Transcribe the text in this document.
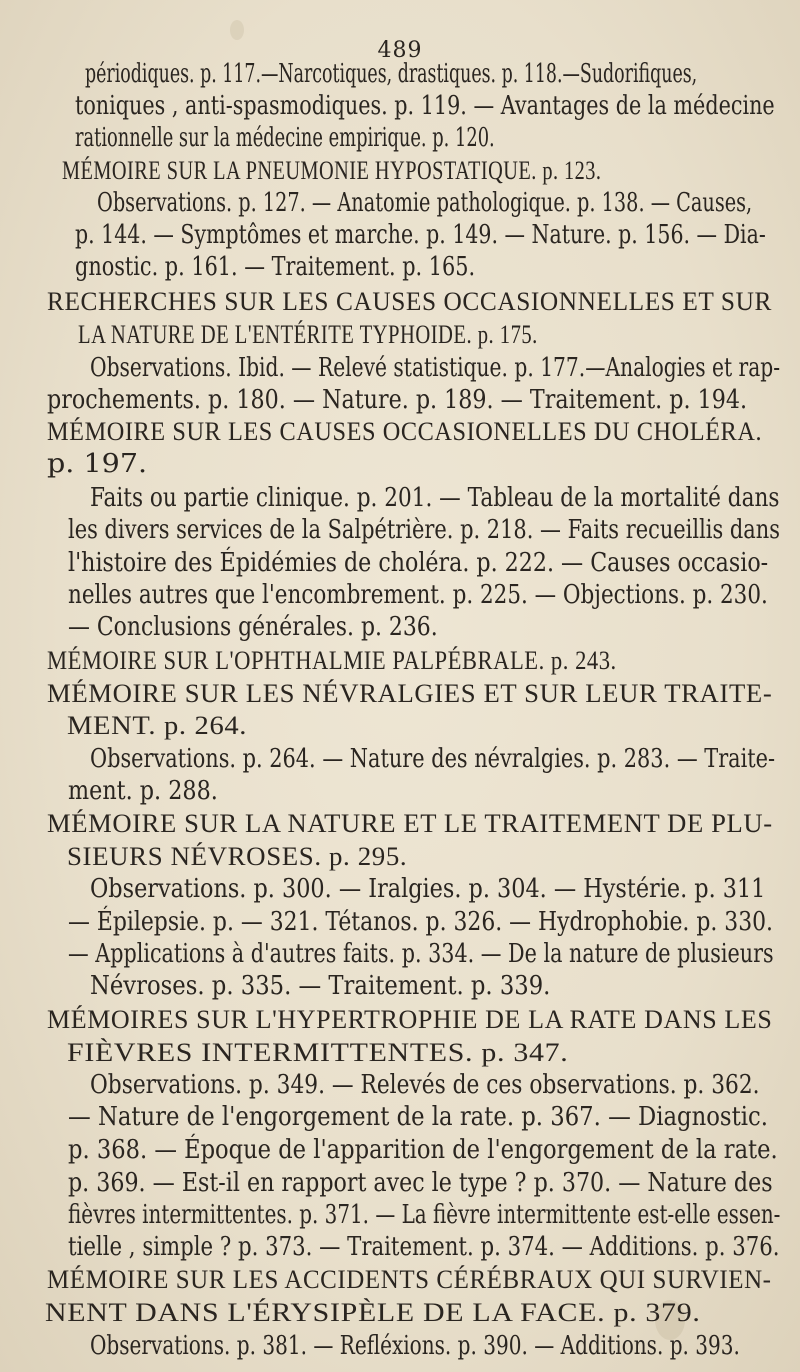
489
périodiques. p. 117.—Narcotiques, drastiques. p. 118.—Sudorifiques,
toniques , anti-spasmodiques. p. 119. — Avantages de la médecine
rationnelle sur la médecine empirique. p. 120.
MÉMOIRE SUR LA PNEUMONIE HYPOSTATIQUE. p. 123.
Observations. p. 127. — Anatomie pathologique. p. 138. — Causes,
p. 144. — Symptômes et marche. p. 149. — Nature. p. 156. — Dia-
gnostic. p. 161. — Traitement. p. 165.
RECHERCHES SUR LES CAUSES OCCASIONNELLES ET SUR
LA NATURE DE L'ENTÉRITE TYPHOIDE. p. 175.
Observations. Ibid. — Relevé statistique. p. 177.—Analogies et rap-
prochements. p. 180. — Nature. p. 189. — Traitement. p. 194.
MÉMOIRE SUR LES CAUSES OCCASIONELLES DU CHOLÉRA.
p. 197.
Faits ou partie clinique. p. 201. — Tableau de la mortalité dans
les divers services de la Salpétrière. p. 218. — Faits recueillis dans
l'histoire des Épidémies de choléra. p. 222. — Causes occasio-
nelles autres que l'encombrement. p. 225. — Objections. p. 230.
— Conclusions générales. p. 236.
MÉMOIRE SUR L'OPHTHALMIE PALPÉBRALE. p. 243.
MÉMOIRE SUR LES NÉVRALGIES ET SUR LEUR TRAITE-
MENT. p. 264.
Observations. p. 264. — Nature des névralgies. p. 283. — Traite-
ment. p. 288.
MÉMOIRE SUR LA NATURE ET LE TRAITEMENT DE PLU-
SIEURS NÉVROSES. p. 295.
Observations. p. 300. — Iralgies. p. 304. — Hystérie. p. 311
— Épilepsie. p. — 321. Tétanos. p. 326. — Hydrophobie. p. 330.
— Applications à d'autres faits. p. 334. — De la nature de plusieurs
Névroses. p. 335. — Traitement. p. 339.
MÉMOIRES SUR L'HYPERTROPHIE DE LA RATE DANS LES
FIÈVRES INTERMITTENTES. p. 347.
Observations. p. 349. — Relevés de ces observations. p. 362.
— Nature de l'engorgement de la rate. p. 367. — Diagnostic.
p. 368. — Époque de l'apparition de l'engorgement de la rate.
p. 369. — Est-il en rapport avec le type ? p. 370. — Nature des
fièvres intermittentes. p. 371. — La fièvre intermittente est-elle essen-
tielle , simple ? p. 373. — Traitement. p. 374. — Additions. p. 376.
MÉMOIRE SUR LES ACCIDENTS CÉRÉBRAUX QUI SURVIEN-
NENT DANS L'ÉRYSIPÈLE DE LA FACE. p. 379.
Observations. p. 381. — Refléxions. p. 390. — Additions. p. 393.
